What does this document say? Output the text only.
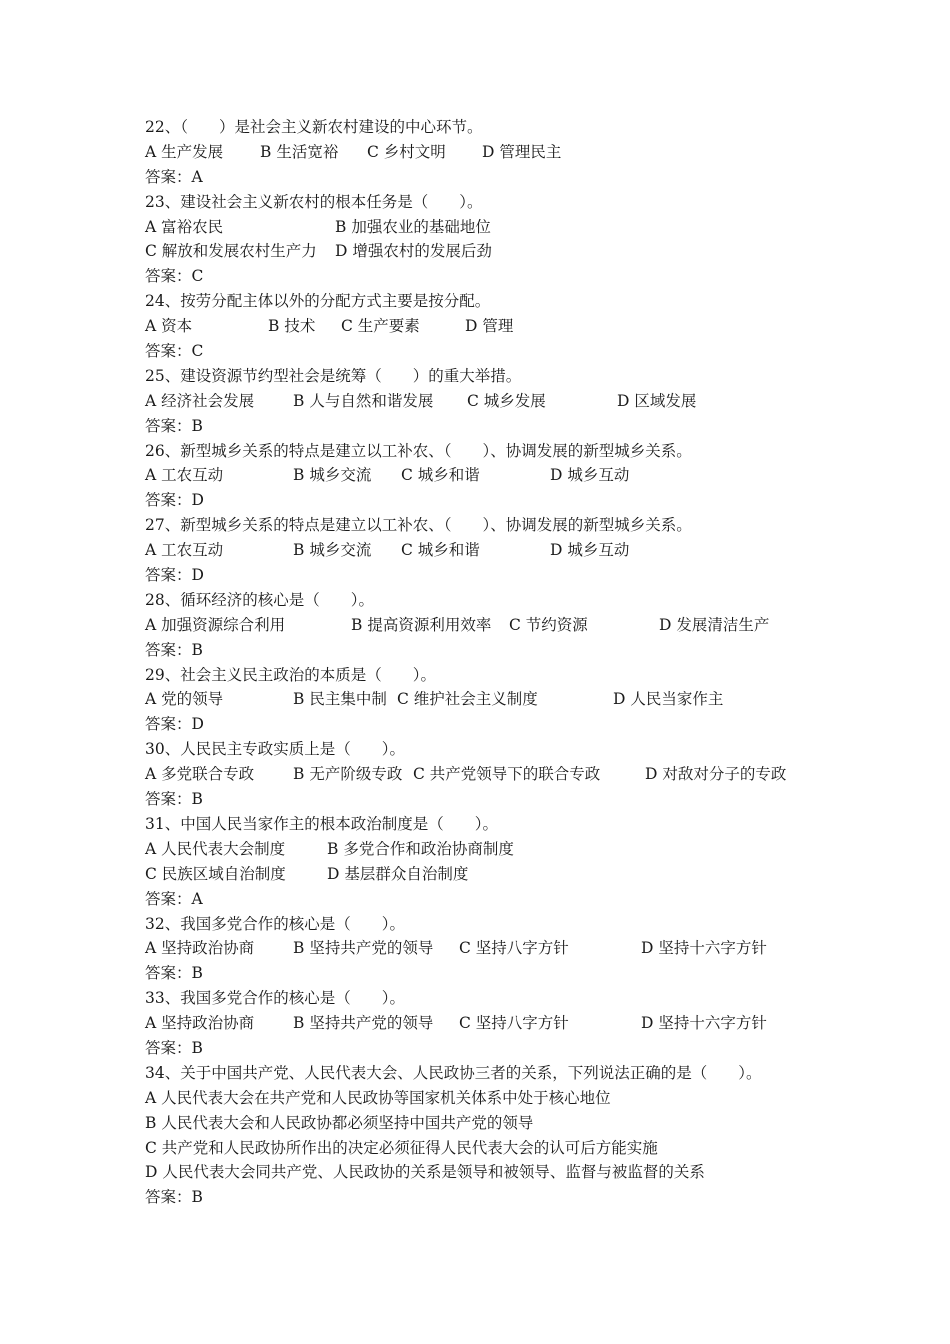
22、（　　）是社会主义新农村建设的中心环节。

A 生产发展

B 生活宽裕

C 乡村文明

D 管理民主

答案：A
23、建设社会主义新农村的根本任务是（　　）。

A 富裕农民

	B 加强农业的基础地位

C 解放和发展农村生产力

D 增强农村的发展后劲

答案：C
24、按劳分配主体以外的分配方式主要是按分配。

A 资本

	B 技术

C 生产要素

	D 管理

答案：C
25、建设资源节约型社会是统筹（　　）的重大举措。

A 经济社会发展

	B 人与自然和谐发展

C 城乡发展

	D 区域发展

答案：B
26、新型城乡关系的特点是建立以工补农、（　　）、协调发展的新型城乡关系。

A 工农互动

	B 城乡交流

C 城乡和谐

	D 城乡互动

答案：D
27、新型城乡关系的特点是建立以工补农、（　　）、协调发展的新型城乡关系。

A 工农互动

	B 城乡交流

C 城乡和谐

	D 城乡互动

答案：D
28、循环经济的核心是（　　）。

A 加强资源综合利用

	B 提高资源利用效率

C 节约资源

	D 发展清洁生产

答案：B
29、社会主义民主政治的本质是（　　）。

A 党的领导

	B 民主集中制

C 维护社会主义制度

	D 人民当家作主

答案：D
30、人民民主专政实质上是（　　）。

A 多党联合专政

	B 无产阶级专政

C 共产党领导下的联合专政

	D 对敌对分子的专政

答案：B
31、中国人民当家作主的根本政治制度是（　　）。

A 人民代表大会制度

	B 多党合作和政治协商制度

C 民族区域自治制度

	D 基层群众自治制度

答案：A
32、我国多党合作的核心是（　　）。

A 坚持政治协商

	B 坚持共产党的领导

C 坚持八字方针

	D 坚持十六字方针

答案：B
33、我国多党合作的核心是（　　）。

A 坚持政治协商

	B 坚持共产党的领导

C 坚持八字方针

	D 坚持十六字方针

答案：B
34、关于中国共产党、人民代表大会、人民政协三者的关系，下列说法正确的是（　　）。
A 人民代表大会在共产党和人民政协等国家机关体系中处于核心地位
B 人民代表大会和人民政协都必须坚持中国共产党的领导
C 共产党和人民政协所作出的决定必须征得人民代表大会的认可后方能实施
D 人民代表大会同共产党、人民政协的关系是领导和被领导、监督与被监督的关系
答案：B
